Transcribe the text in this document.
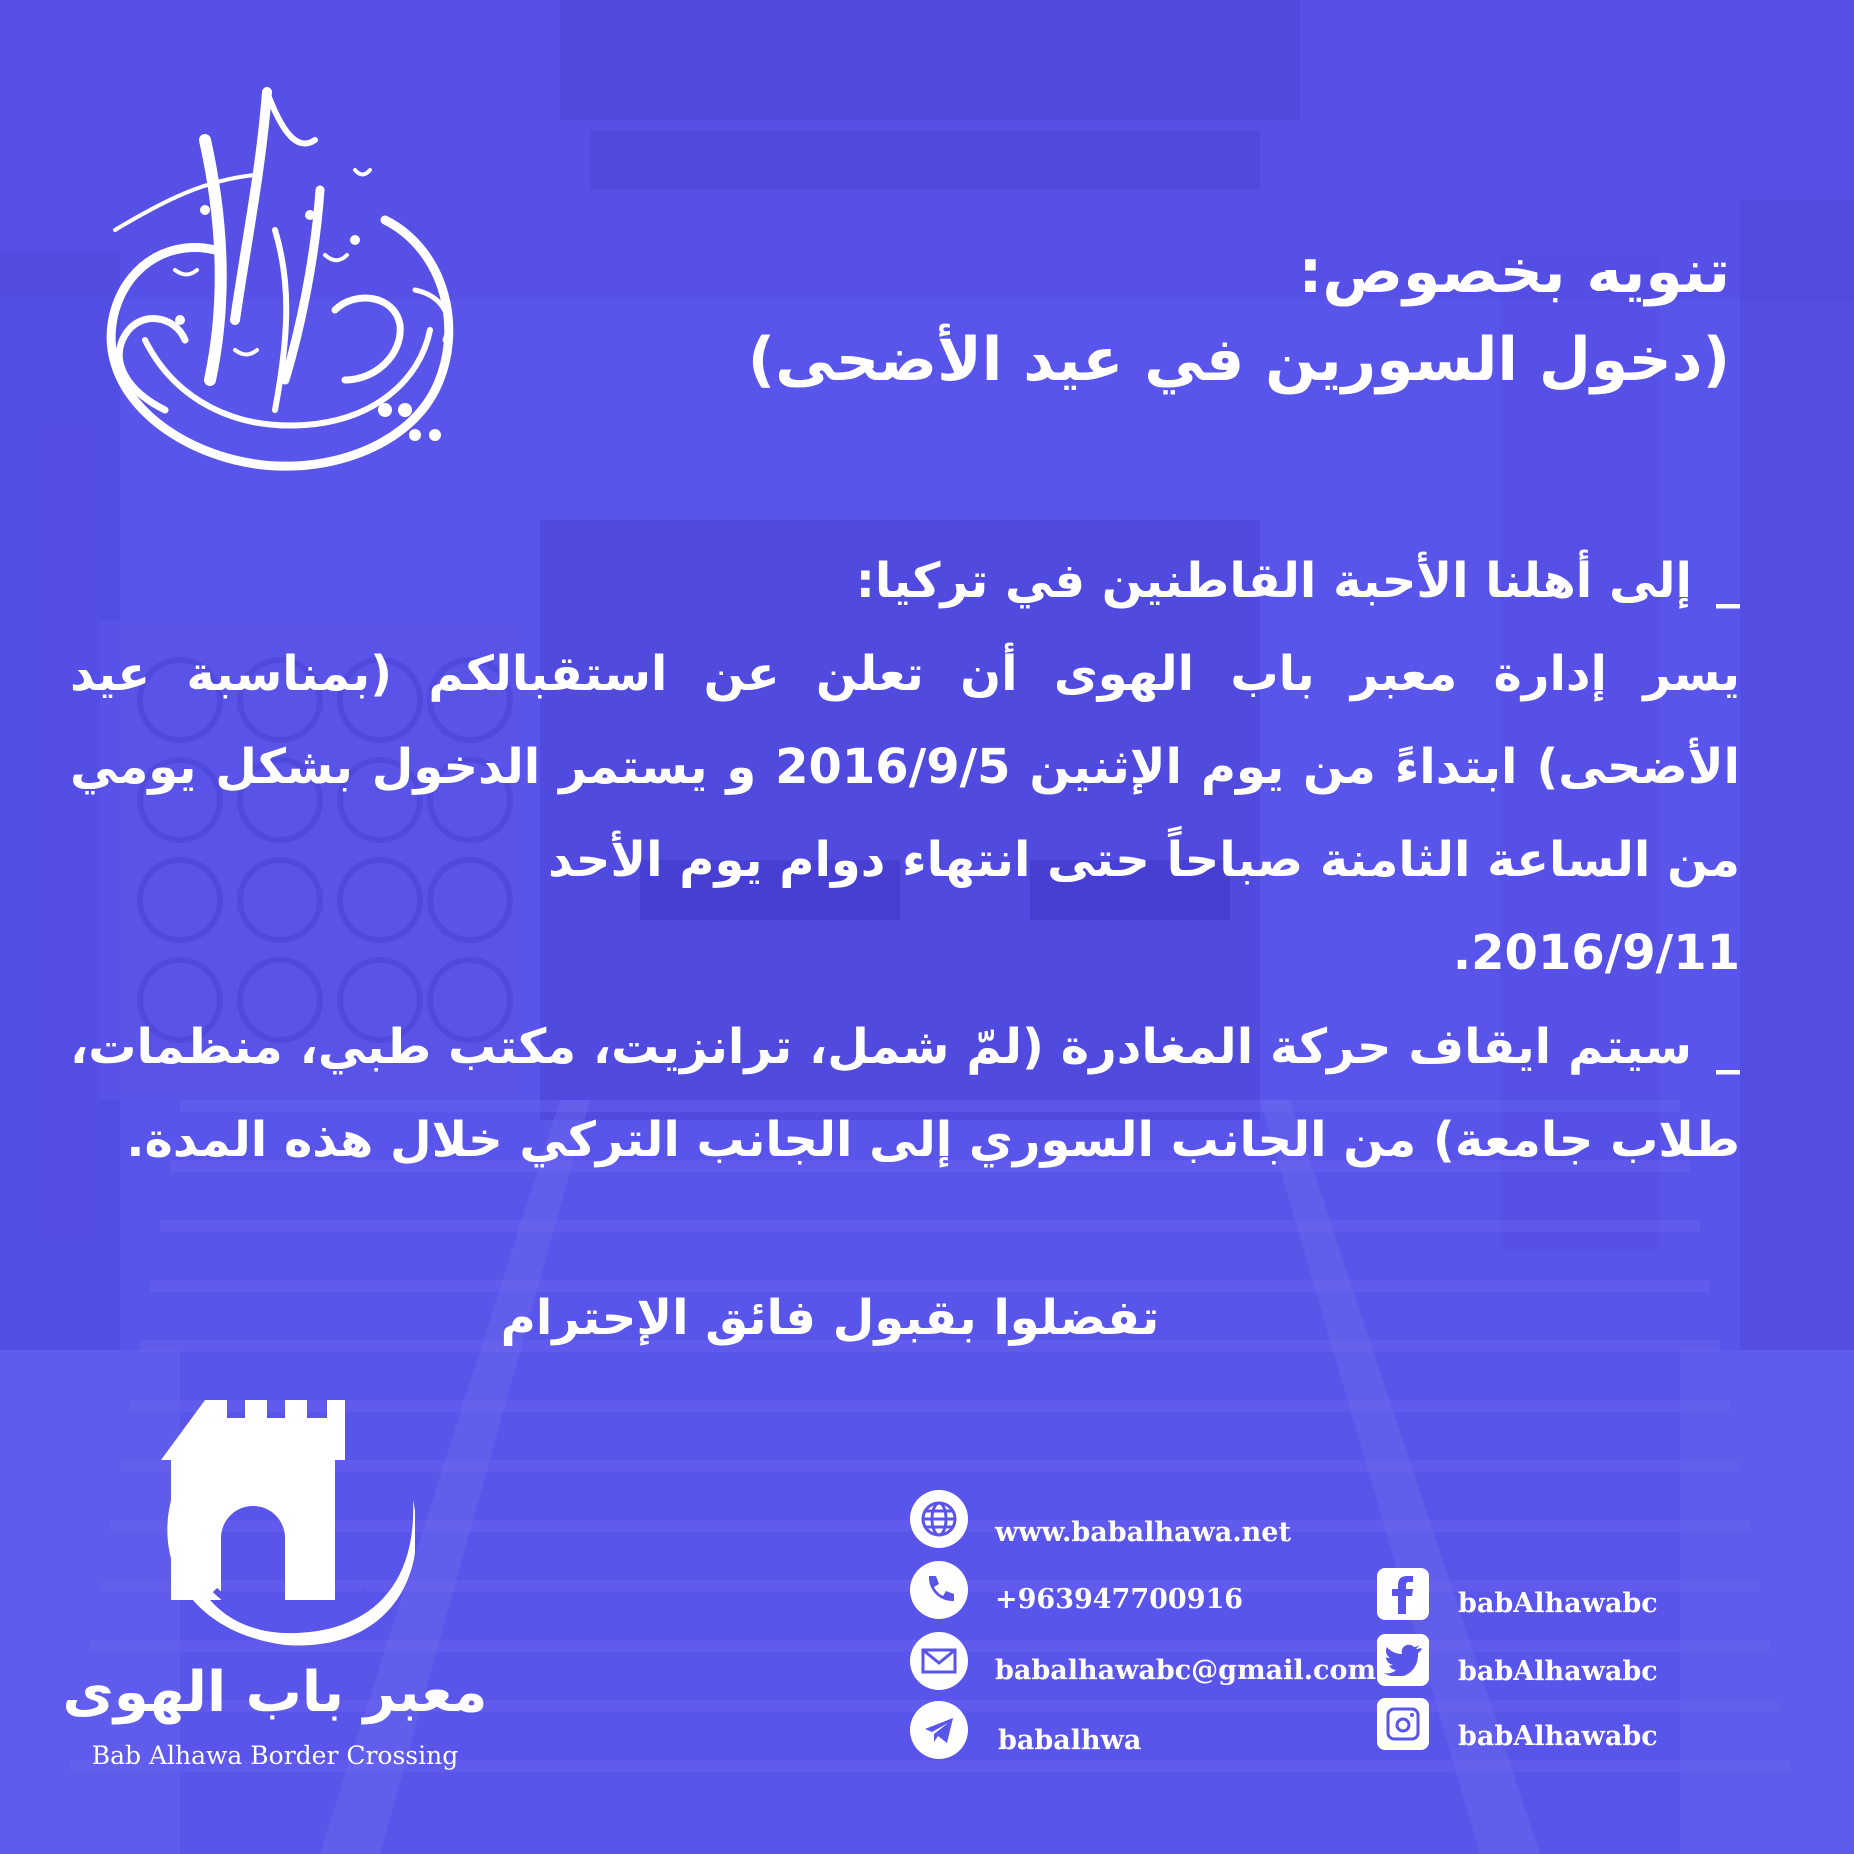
تنويه بخصوص:
(دخول السورين في عيد الأضحى)

_إلى أهلنا الأحبة القاطنين في تركيا:

يسر إدارة معبر باب الهوى أن تعلن عن استقبالكم (بمناسبة عيد الأضحى) ابتداءً من يوم الإثنين 2016/9/5 و يستمر الدخول بشكل يومي من الساعة الثامنة صباحاً حتى انتهاء دوام يوم الأحد

2016/9/11.

_سيتم ايقاف حركة المغادرة (لمّ شمل، ترانزيت، مكتب طبي، منظمات، طلاب جامعة) من الجانب السوري إلى الجانب التركي خلال هذه المدة.

تفضلوا بقبول فائق الإحترام
معبر باب الهوى
Bab Alhawa Border Crossing
www.babalhawa.net
+963947700916
babalhawabc@gmail.com
babalhwa
babAlhawabc
babAlhawabc
babAlhawabc
